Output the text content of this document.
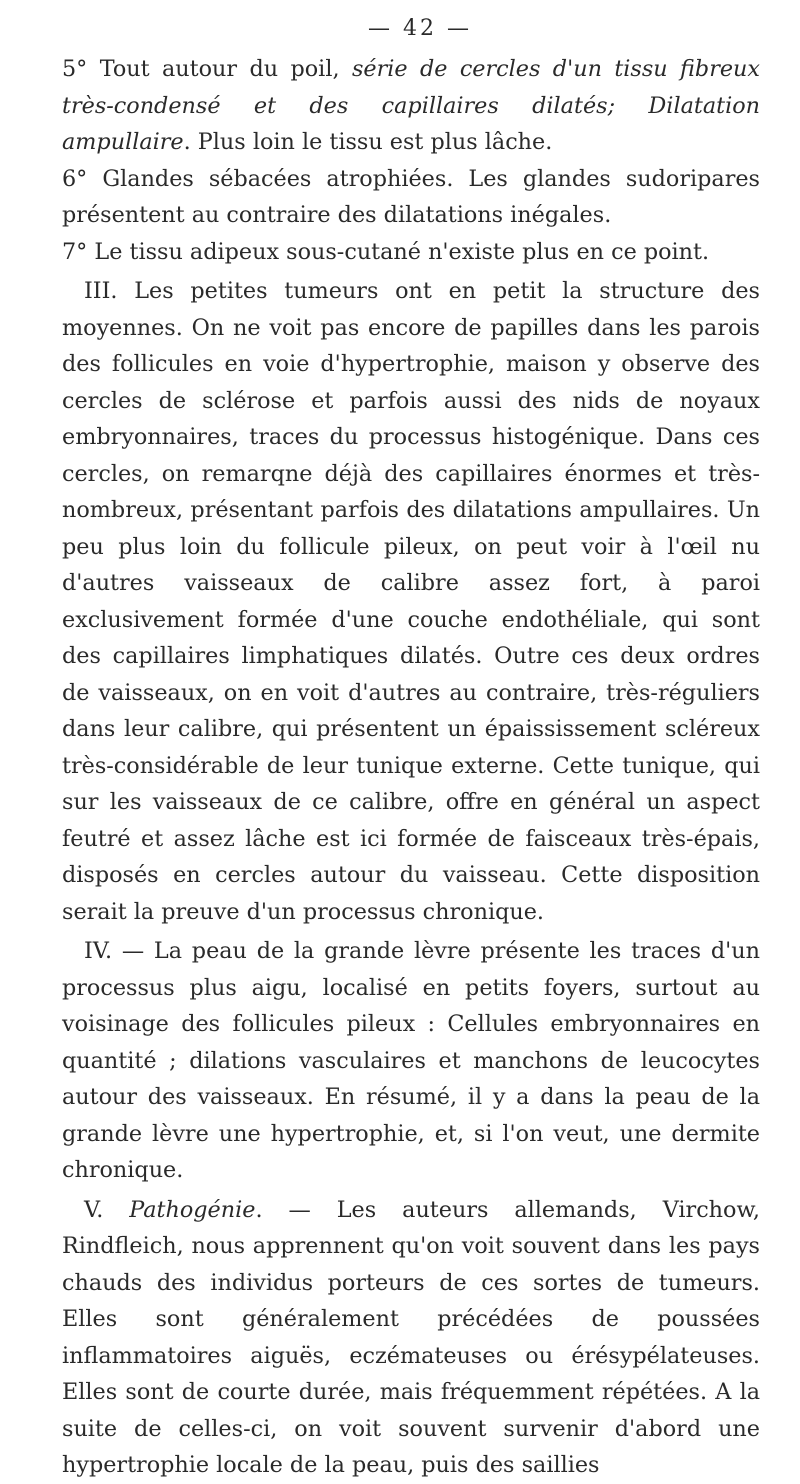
— 42 —

5° Tout autour du poil, série de cercles d'un tissu fibreux très-condensé et des capillaires dilatés; Dilatation ampullaire. Plus loin le tissu est plus lâche.

6° Glandes sébacées atrophiées. Les glandes sudoripares présentent au contraire des dilatations inégales.

7° Le tissu adipeux sous-cutané n'existe plus en ce point.

III. Les petites tumeurs ont en petit la structure des moyennes. On ne voit pas encore de papilles dans les parois des follicules en voie d'hypertrophie, maison y observe des cercles de sclérose et parfois aussi des nids de noyaux embryonnaires, traces du processus histogénique. Dans ces cercles, on remarqne déjà des capillaires énormes et très-nombreux, présentant parfois des dilatations ampullaires. Un peu plus loin du follicule pileux, on peut voir à l'œil nu d'autres vaisseaux de calibre assez fort, à paroi exclusivement formée d'une couche endothéliale, qui sont des capillaires limphatiques dilatés. Outre ces deux ordres de vaisseaux, on en voit d'autres au contraire, très-réguliers dans leur calibre, qui présentent un épaississement scléreux très-considérable de leur tunique externe. Cette tunique, qui sur les vaisseaux de ce calibre, offre en général un aspect feutré et assez lâche est ici formée de faisceaux très-épais, disposés en cercles autour du vaisseau. Cette disposition serait la preuve d'un processus chronique.

IV. — La peau de la grande lèvre présente les traces d'un processus plus aigu, localisé en petits foyers, surtout au voisinage des follicules pileux : Cellules embryonnaires en quantité ; dilations vasculaires et manchons de leucocytes autour des vaisseaux. En résumé, il y a dans la peau de la grande lèvre une hypertrophie, et, si l'on veut, une dermite chronique.

V. Pathogénie. — Les auteurs allemands, Virchow, Rindfleich, nous apprennent qu'on voit souvent dans les pays chauds des individus porteurs de ces sortes de tumeurs. Elles sont généralement précédées de poussées inflammatoires aiguës, eczémateuses ou érésypélateuses. Elles sont de courte durée, mais fréquemment répétées. A la suite de celles-ci, on voit souvent survenir d'abord une hypertrophie locale de la peau, puis des saillies
